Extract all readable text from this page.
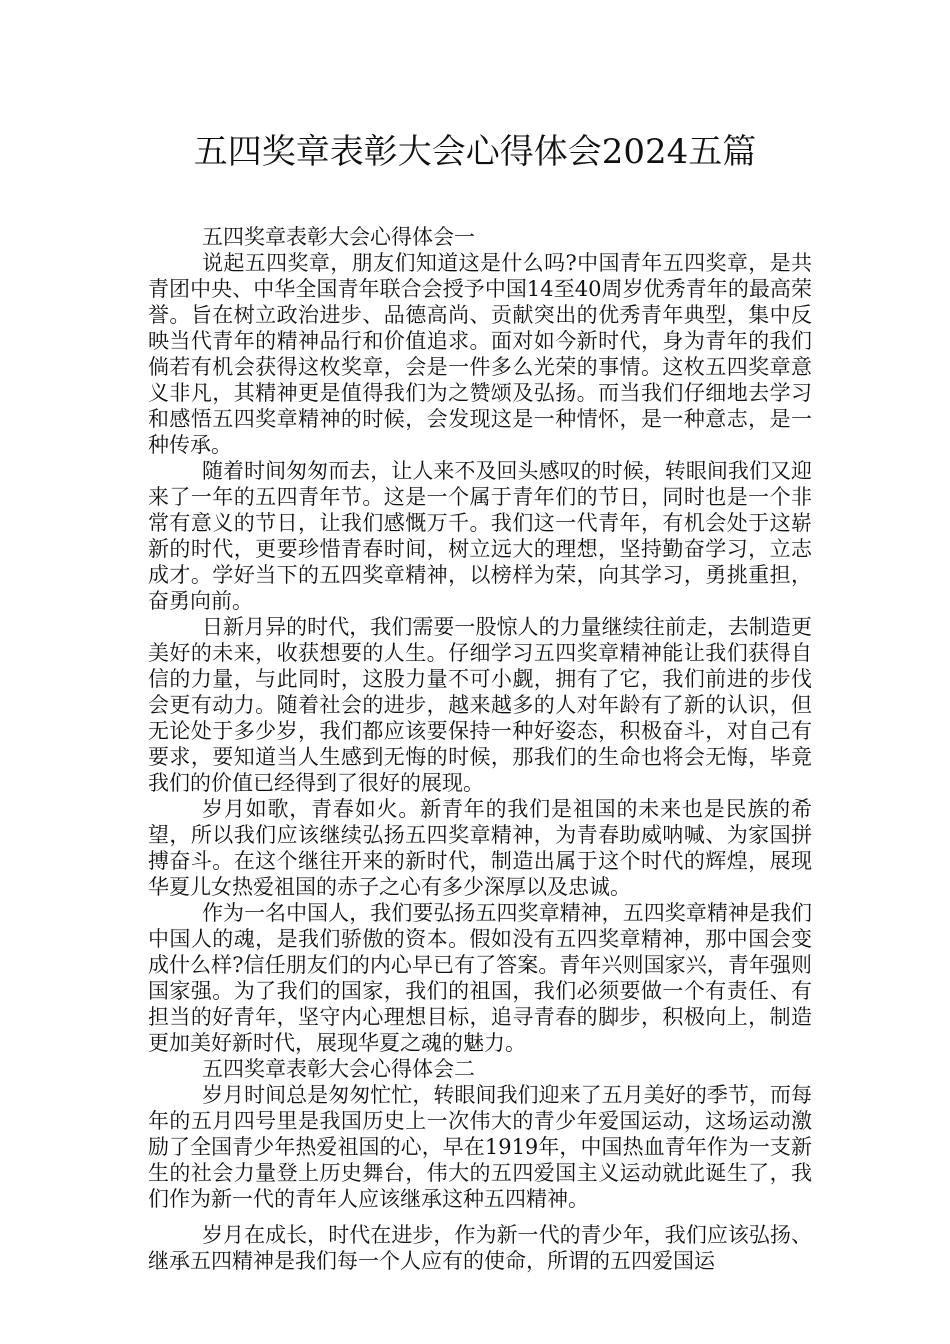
五四奖章表彰大会心得体会2024五篇

五四奖章表彰大会心得体会一

说起五四奖章，朋友们知道这是什么吗?中国青年五四奖章，是共青团中央、中华全国青年联合会授予中国14至40周岁优秀青年的最高荣誉。旨在树立政治进步、品德高尚、贡献突出的优秀青年典型，集中反映当代青年的精神品行和价值追求。面对如今新时代，身为青年的我们倘若有机会获得这枚奖章，会是一件多么光荣的事情。这枚五四奖章意义非凡，其精神更是值得我们为之赞颂及弘扬。而当我们仔细地去学习和感悟五四奖章精神的时候，会发现这是一种情怀，是一种意志，是一种传承。

随着时间匆匆而去，让人来不及回头感叹的时候，转眼间我们又迎来了一年的五四青年节。这是一个属于青年们的节日，同时也是一个非常有意义的节日，让我们感慨万千。我们这一代青年，有机会处于这崭新的时代，更要珍惜青春时间，树立远大的理想，坚持勤奋学习，立志成才。学好当下的五四奖章精神，以榜样为荣，向其学习，勇挑重担，奋勇向前。

日新月异的时代，我们需要一股惊人的力量继续往前走，去制造更美好的未来，收获想要的人生。仔细学习五四奖章精神能让我们获得自信的力量，与此同时，这股力量不可小觑，拥有了它，我们前进的步伐会更有动力。随着社会的进步，越来越多的人对年龄有了新的认识，但无论处于多少岁，我们都应该要保持一种好姿态，积极奋斗，对自己有要求，要知道当人生感到无悔的时候，那我们的生命也将会无悔，毕竟我们的价值已经得到了很好的展现。

岁月如歌，青春如火。新青年的我们是祖国的未来也是民族的希望，所以我们应该继续弘扬五四奖章精神，为青春助威呐喊、为家国拼搏奋斗。在这个继往开来的新时代，制造出属于这个时代的辉煌，展现华夏儿女热爱祖国的赤子之心有多少深厚以及忠诚。

作为一名中国人，我们要弘扬五四奖章精神，五四奖章精神是我们中国人的魂，是我们骄傲的资本。假如没有五四奖章精神，那中国会变成什么样?信任朋友们的内心早已有了答案。青年兴则国家兴，青年强则国家强。为了我们的国家，我们的祖国，我们必须要做一个有责任、有担当的好青年，坚守内心理想目标，追寻青春的脚步，积极向上，制造更加美好新时代，展现华夏之魂的魅力。

五四奖章表彰大会心得体会二

岁月时间总是匆匆忙忙，转眼间我们迎来了五月美好的季节，而每年的五月四号里是我国历史上一次伟大的青少年爱国运动，这场运动激励了全国青少年热爱祖国的心，早在1919年，中国热血青年作为一支新生的社会力量登上历史舞台，伟大的五四爱国主义运动就此诞生了，我们作为新一代的青年人应该继承这种五四精神。

岁月在成长，时代在进步，作为新一代的青少年，我们应该弘扬、继承五四精神是我们每一个人应有的使命，所谓的五四爱国运
